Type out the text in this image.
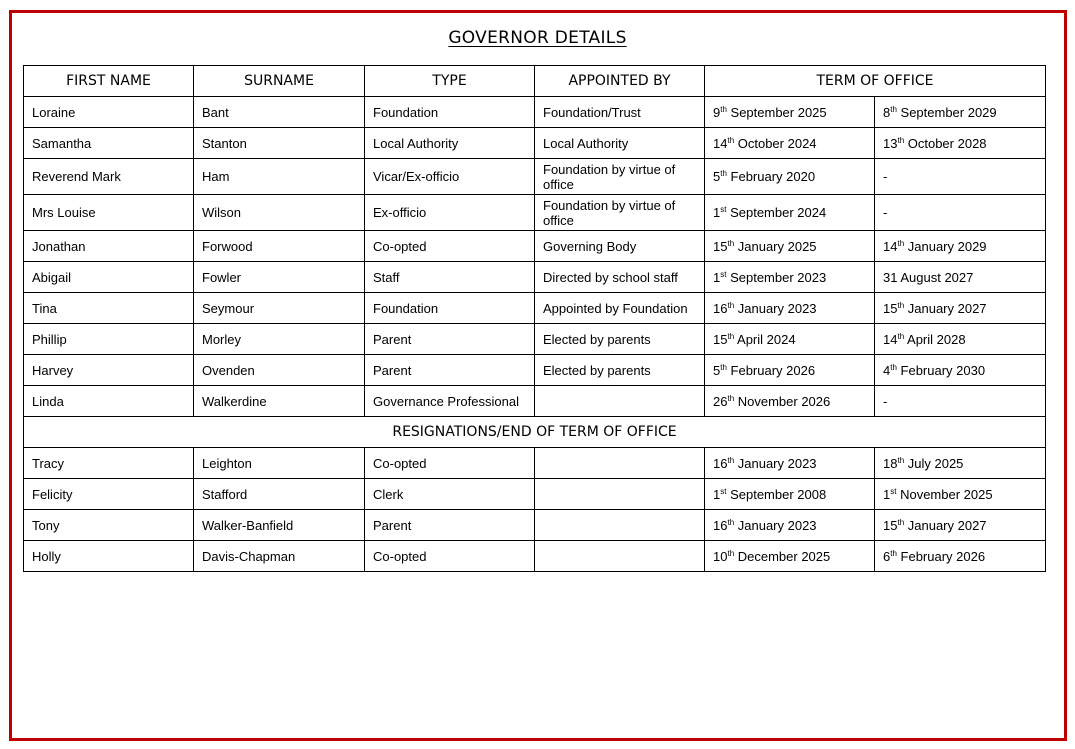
GOVERNOR DETAILS
FIRST NAME	SURNAME	TYPE	APPOINTED BY	TERM OF OFFICE	
Loraine	Bant	Foundation	Foundation/Trust	9th September 2025	8th September 2029
Samantha	Stanton	Local Authority	Local Authority	14th October 2024	13th October 2028
Reverend Mark	Ham	Vicar/Ex-officio	Foundation by virtue of office	5th February 2020	-
Mrs Louise	Wilson	Ex-officio	Foundation by virtue of office	1st September 2024	-
Jonathan	Forwood	Co-opted	Governing Body	15th January 2025	14th January 2029
Abigail	Fowler	Staff	Directed by school staff	1st September 2023	31 August 2027
Tina	Seymour	Foundation	Appointed by Foundation	16th January 2023	15th January 2027
Phillip	Morley	Parent	Elected by parents	15th April 2024	14th April 2028
Harvey	Ovenden	Parent	Elected by parents	5th February 2026	4th February 2030
Linda	Walkerdine	Governance Professional		26th November 2026	-
RESIGNATIONS/END OF TERM OF OFFICE					
Tracy	Leighton	Co-opted		16th January 2023	18th July 2025
Felicity	Stafford	Clerk		1st September 2008	1st November 2025
Tony	Walker-Banfield	Parent		16th January 2023	15th January 2027
Holly	Davis-Chapman	Co-opted		10th December 2025	6th February 2026
